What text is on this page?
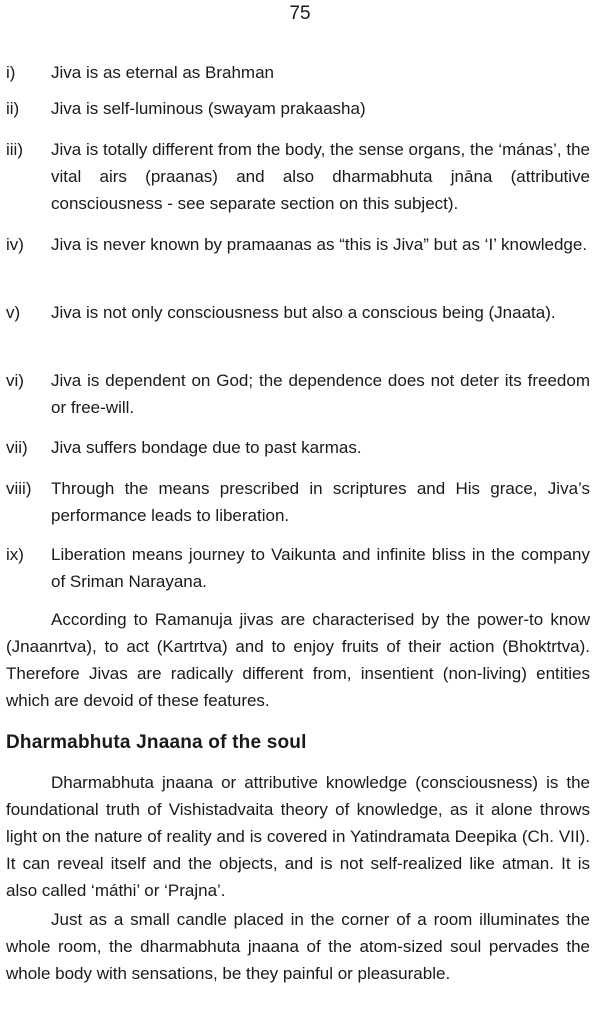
75
i) Jiva is as eternal as Brahman
ii) Jiva is self-luminous (swayam prakaasha)
iii) Jiva is totally different from the body, the sense organs, the ‘mánas’, the vital airs (praanas) and also dharmabhuta jnāna (attributive consciousness - see separate section on this subject).
iv) Jiva is never known by pramaanas as “this is Jiva” but as ‘I’ knowledge.
v) Jiva is not only consciousness but also a conscious being (Jnaata).
vi) Jiva is dependent on God; the dependence does not deter its freedom or free-will.
vii) Jiva suffers bondage due to past karmas.
viii) Through the means prescribed in scriptures and His grace, Jiva’s performance leads to liberation.
ix) Liberation means journey to Vaikunta and infinite bliss in the company of Sriman Narayana.

According to Ramanuja jivas are characterised by the power-to know (Jnaanrtva), to act (Kartrtva) and to enjoy fruits of their action (Bhoktrtva). Therefore Jivas are radically different from, insentient (non-living) entities which are devoid of these features.

Dharmabhuta Jnaana of the soul

Dharmabhuta jnaana or attributive knowledge (consciousness) is the foundational truth of Vishistadvaita theory of knowledge, as it alone throws light on the nature of reality and is covered in Yatindramata Deepika (Ch. VII). It can reveal itself and the objects, and is not self-realized like atman. It is also called ‘máthi’ or ‘Prajna’.

Just as a small candle placed in the corner of a room illuminates the whole room, the dharmabhuta jnaana of the atom-sized soul pervades the whole body with sensations, be they painful or pleasurable.
